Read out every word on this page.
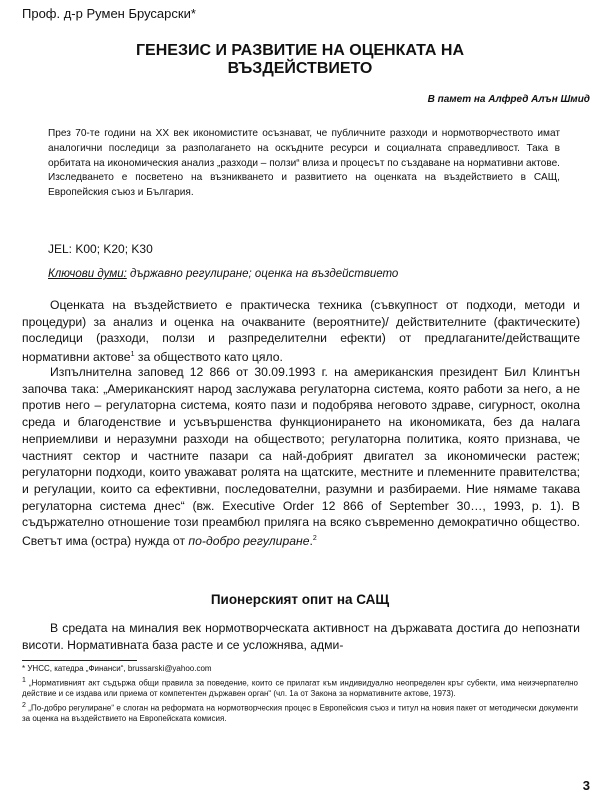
Проф. д-р Румен Брусарски*
ГЕНЕЗИС И РАЗВИТИЕ НА ОЦЕНКАТА НА
ВЪЗДЕЙСТВИЕТО
В памет на Алфред Алън Шмид
През 70-те години на ХХ век икономистите осъзнават, че публичните разходи и нормотворчеството имат аналогични последици за разполагането на оскъдните ресурси и социалната справедливост. Така в орбитата на икономическия анализ „разходи – ползи“ влиза и процесът по създаване на нормативни актове. Изследването е посветено на възникването и развитието на оценката на въздействието в САЩ, Европейския съюз и България.
JEL: K00; K20; K30
Ключови думи: държавно регулиране; оценка на въздействието
Оценката на въздействието е практическа техника (съвкупност от подходи, методи и процедури) за анализ и оценка на очакваните (вероятните)/ действителните (фактическите) последици (разходи, ползи и разпределителни ефекти) от предлаганите/действащите нормативни актове$^1$ за обществото като цяло.
Изпълнителна заповед 12 866 от 30.09.1993 г. на американския президент Бил Клинтън започва така: „Американският народ заслужава регулаторна система, която работи за него, а не против него – регулаторна система, която пази и подобрява неговото здраве, сигурност, околна среда и благоденствие и усъвършенства функционирането на икономиката, без да налага неприемливи и неразумни разходи на обществото; регулаторна политика, която признава, че частният сектор и частните пазари са най-добрият двигател за икономически растеж; регулаторни подходи, които уважават ролята на щатските, местните и племенните правителства; и регулации, които са ефективни, последователни, разумни и разбираеми. Ние нямаме такава регулаторна система днес“ (вж. Executive Order 12 866 of September 30…, 1993, p. 1). В съдържателно отношение този преамбюл прилягa на всяко съвременно демократично общество. Светът има (остра) нужда от по-добро регулиране.$^2$
Пионерският опит на САЩ
В средата на миналия век нормотворческата активност на държавата достига до непознати висоти. Нормативната база расте и се усложнява, адми-

* УНСС, катедра „Финанси“, brussarski@yahoo.com

1 „Нормативният акт съдържа общи правила за поведение, които се прилагат към индивидуално неопределен кръг субекти, има неизчерпателно действие и се издава или приема от компетентен държавен орган“ (чл. 1а от Закона за нормативните актове, 1973).

2 „По-добро регулиране“ е слоган на реформата на нормотворческия процес в Европейския съюз и титул на новия пакет от методически документи за оценка на въздействието на Европейската комисия.

3
